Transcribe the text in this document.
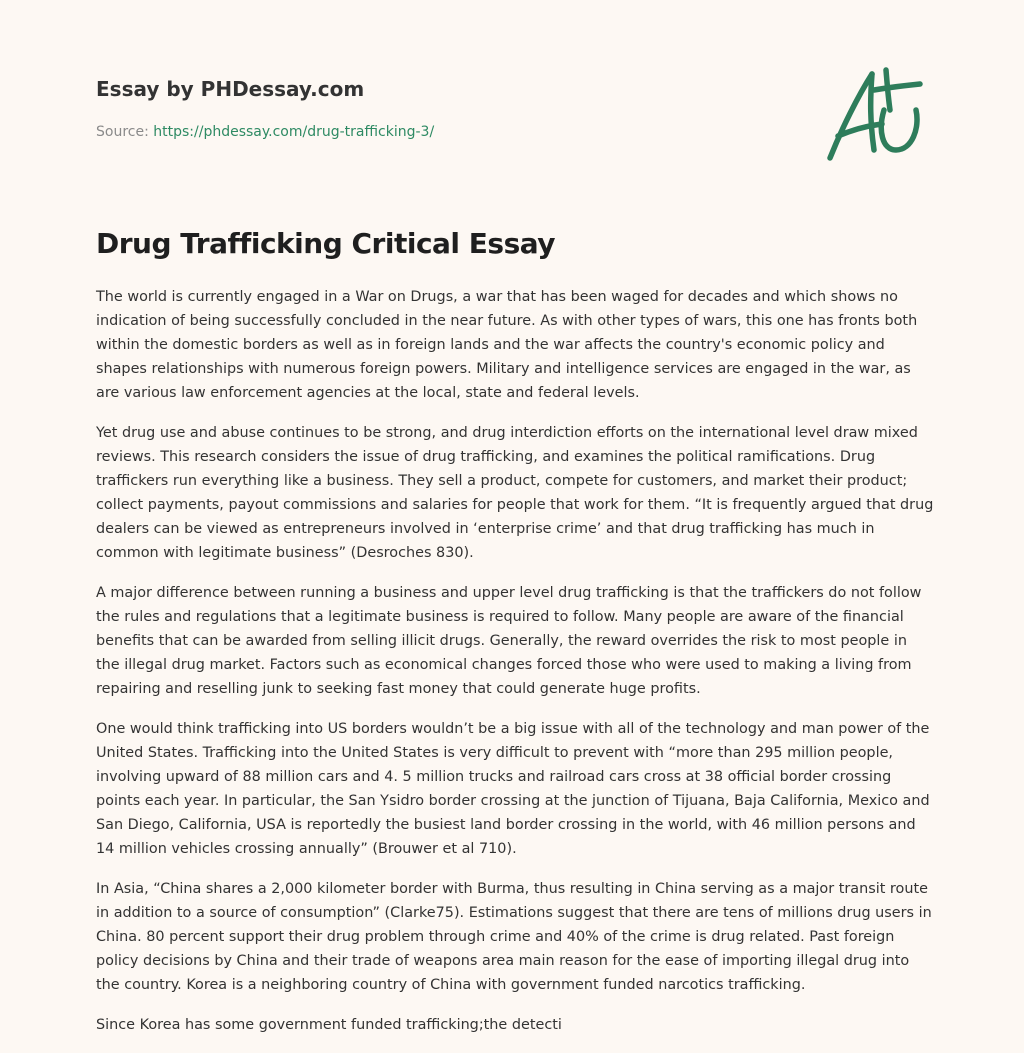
Essay by PHDessay.com
Source: https://phdessay.com/drug-trafficking-3/
Drug Trafficking Critical Essay

The world is currently engaged in a War on Drugs, a war that has been waged for decades and which shows no indication of being successfully concluded in the near future. As with other types of wars, this one has fronts both within the domestic borders as well as in foreign lands and the war affects the country's economic policy and shapes relationships with numerous foreign powers. Military and intelligence services are engaged in the war, as are various law enforcement agencies at the local, state and federal levels.

Yet drug use and abuse continues to be strong, and drug interdiction efforts on the international level draw mixed reviews. This research considers the issue of drug trafficking, and examines the political ramifications. Drug traffickers run everything like a business. They sell a product, compete for customers, and market their product; collect payments, payout commissions and salaries for people that work for them. “It is frequently argued that drug dealers can be viewed as entrepreneurs involved in ‘enterprise crime’ and that drug trafficking has much in common with legitimate business” (Desroches 830).

A major difference between running a business and upper level drug trafficking is that the traffickers do not follow the rules and regulations that a legitimate business is required to follow. Many people are aware of the financial benefits that can be awarded from selling illicit drugs. Generally, the reward overrides the risk to most people in the illegal drug market. Factors such as economical changes forced those who were used to making a living from repairing and reselling junk to seeking fast money that could generate huge profits.

One would think trafficking into US borders wouldn’t be a big issue with all of the technology and man power of the United States. Trafficking into the United States is very difficult to prevent with “more than 295 million people, involving upward of 88 million cars and 4. 5 million trucks and railroad cars cross at 38 official border crossing points each year. In particular, the San Ysidro border crossing at the junction of Tijuana, Baja California, Mexico and San Diego, California, USA is reportedly the busiest land border crossing in the world, with 46 million persons and 14 million vehicles crossing annually” (Brouwer et al 710).

In Asia, “China shares a 2,000 kilometer border with Burma, thus resulting in China serving as a major transit route in addition to a source of consumption” (Clarke75). Estimations suggest that there are tens of millions drug users in China. 80 percent support their drug problem through crime and 40% of the crime is drug related. Past foreign policy decisions by China and their trade of weapons area main reason for the ease of importing illegal drug into the country. Korea is a neighboring country of China with government funded narcotics trafficking.

Since Korea has some government funded trafficking;the detecti
